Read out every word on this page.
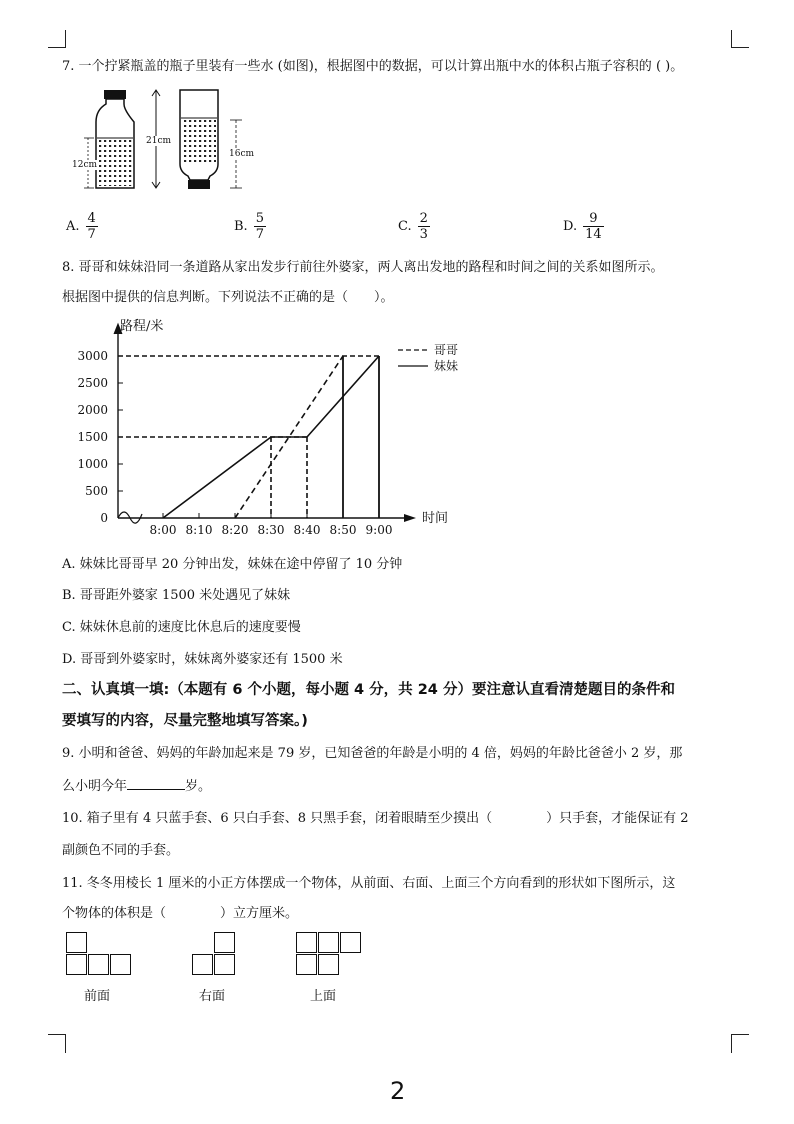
7. 一个拧紧瓶盖的瓶子里装有一些水 (如图)，根据图中的数据，可以计算出瓶中水的体积占瓶子容积的 ( )。
12cm
21cm
16cm
A. $\frac{4}{7}$	B. $\frac{5}{7}$	C. $\frac{2}{3}$	D. $\frac{9}{14}$
8. 哥哥和妹妹沿同一条道路从家出发步行前往外婆家，两人离出发地的路程和时间之间的关系如图所示。
根据图中提供的信息判断。下列说法不正确的是（　　）。
路程/米
时间
0
500
1000
1500
2000
2500
3000
8:00 8:10 8:20 8:30 8:40 8:50 9:00
哥哥
妹妹
A. 妹妹比哥哥早 20 分钟出发，妹妹在途中停留了 10 分钟
B. 哥哥距外婆家 1500 米处遇见了妹妹
C. 妹妹休息前的速度比休息后的速度要慢
D. 哥哥到外婆家时，妹妹离外婆家还有 1500 米
二、认真填一填:（本题有 6 个小题，每小题 4 分，共 24 分）要注意认直看清楚题目的条件和
要填写的内容，尽量完整地填写答案。)
9. 小明和爸爸、妈妈的年龄加起来是 79 岁，已知爸爸的年龄是小明的 4 倍，妈妈的年龄比爸爸小 2 岁，那
么小明今年	岁。
10. 箱子里有 4 只蓝手套、6 只白手套、8 只黑手套，闭着眼睛至少摸出（	）只手套，才能保证有 2
副颜色不同的手套。
11. 冬冬用棱长 1 厘米的小正方体摆成一个物体，从前面、右面、上面三个方向看到的形状如下图所示，这
个物体的体积是（	）立方厘米。
前面	右面	上面
2
